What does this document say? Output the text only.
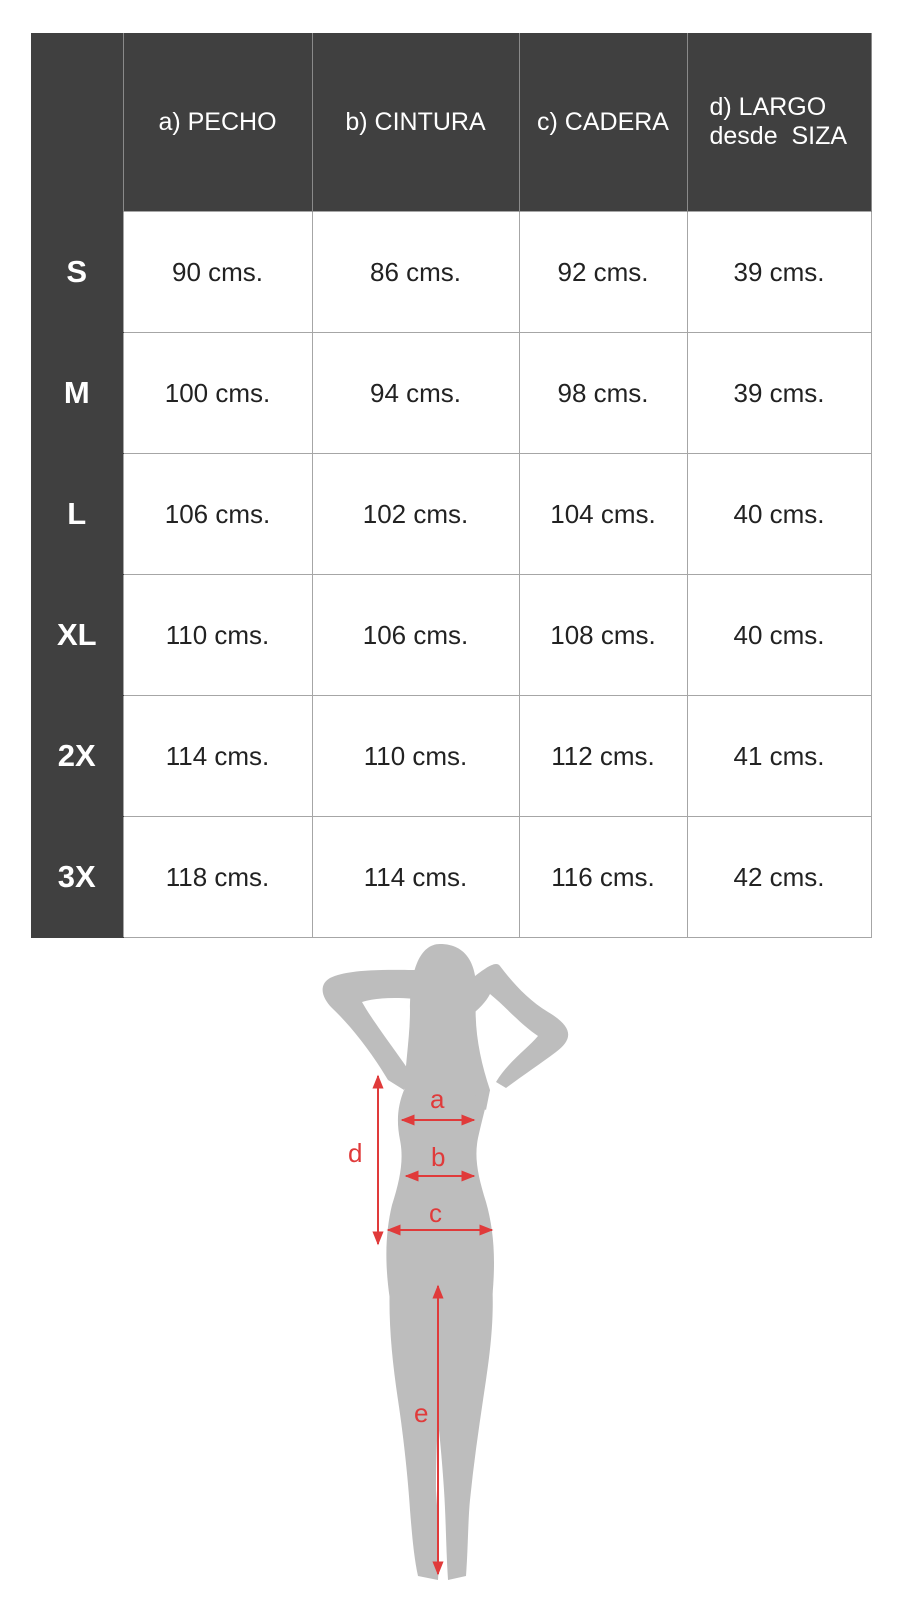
	a) PECHO	b) CINTURA	c) CADERA	d) LARGO
desde  SIZA

S	90 cms.	86 cms.	92 cms.	39 cms.
M	100 cms.	94 cms.	98 cms.	39 cms.
L	106 cms.	102 cms.	104 cms.	40 cms.
XL	110 cms.	106 cms.	108 cms.	40 cms.
2X	114 cms.	110 cms.	112 cms.	41 cms.
3X	118 cms.	114 cms.	116 cms.	42 cms.
a
b
c
d
e
